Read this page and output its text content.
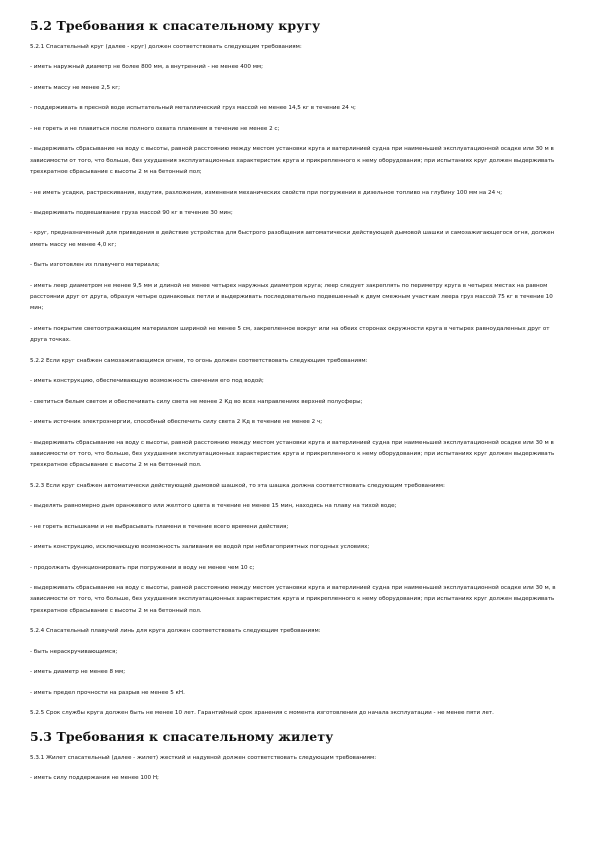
5.2 Требования к спасательному кругу

5.2.1 Спасательный круг (далее - круг) должен соответствовать следующим требованиям:

- иметь наружный диаметр не более 800 мм, а внутренний - не менее 400 мм;

- иметь массу не менее 2,5 кг;

- поддерживать в пресной воде испытательный металлический груз массой не менее 14,5 кг в течение 24 ч;

- не гореть и не плавиться после полного охвата пламенем в течение не менее 2 с;

- выдерживать сбрасывание на воду с высоты, равной расстоянию между местом установки круга и ватерлинией судна при наименьшей эксплуатационной осадке или 30 м в зависимости от того, что больше, без ухудшения эксплуатационных характеристик круга и прикрепленного к нему оборудования; при испытаниях круг должен выдерживать трехкратное сбрасывание с высоты 2 м на бетонный пол;

- не иметь усадки, растрескивания, вздутия, разложения, изменения механических свойств при погружении в дизельное топливо на глубину 100 мм на 24 ч;

- выдерживать подвешивание груза массой 90 кг в течение 30 мин;

- круг, предназначенный для приведения в действие устройства для быстрого разобщения автоматически действующей дымовой шашки и самозажигающегося огня, должен иметь массу не менее 4,0 кг;

- быть изготовлен из плавучего материала;

- иметь леер диаметром не менее 9,5 мм и длиной не менее четырех наружных диаметров круга; леер следует закреплять по периметру круга в четырех местах на равном расстоянии друг от друга, образуя четыре одинаковых петли и выдерживать последовательно подвешенный к двум смежным участкам леера груз массой 75 кг в течение 10 мин;

- иметь покрытие светоотражающим материалом шириной не менее 5 см, закрепленное вокруг или на обеих сторонах окружности круга в четырех равноудаленных друг от друга точках.

5.2.2 Если круг снабжен самозажигающимся огнем, то огонь должен соответствовать следующим требованиям:

- иметь конструкцию, обеспечивающую возможность свечения его под водой;

- светиться белым светом и обеспечивать силу света не менее 2 Кд во всех направлениях верхней полусферы;

- иметь источник электроэнергии, способный обеспечить силу света 2 Кд в течение не менее 2 ч;

- выдерживать сбрасывание на воду с высоты, равной расстоянию между местом установки круга и ватерлинией судна при наименьшей эксплуатационной осадке или 30 м в зависимости от того, что больше, без ухудшения эксплуатационных характеристик круга и прикрепленного к нему оборудования; при испытаниях круг должен выдерживать трехкратное сбрасывание с высоты 2 м на бетонный пол.

5.2.3 Если круг снабжен автоматически действующей дымовой шашкой, то эта шашка должна соответствовать следующим требованиям:

- выделять равномерно дым оранжевого или желтого цвета в течение не менее 15 мин, находясь на плаву на тихой воде;

- не гореть вспышками и не выбрасывать пламени в течение всего времени действия;

- иметь конструкцию, исключающую возможность заливания ее водой при неблагоприятных погодных условиях;

- продолжать функционировать при погружении в воду не менее чем 10 с;

- выдерживать сбрасывание на воду с высоты, равной расстоянию между местом установки круга и ватерлинией судна при наименьшей эксплуатационной осадке или 30 м, в зависимости от того, что больше, без ухудшения эксплуатационных характеристик круга и прикрепленного к нему оборудования; при испытаниях круг должен выдерживать трехкратное сбрасывание с высоты 2 м на бетонный пол.

5.2.4 Спасательный плавучий линь для круга должен соответствовать следующим требованиям:

- быть нераскручивающимся;

- иметь диаметр не менее 8 мм;

- иметь предел прочности на разрыв не менее 5 кН.

5.2.5 Срок службы круга должен быть не менее 10 лет. Гарантийный срок хранения с момента изготовления до начала эксплуатации - не менее пяти лет.

5.3 Требования к спасательному жилету

5.3.1 Жилет спасательный (далее - жилет) жесткий и надувной должен соответствовать следующим требованиям:

- иметь силу поддержания не менее 100 Н;
